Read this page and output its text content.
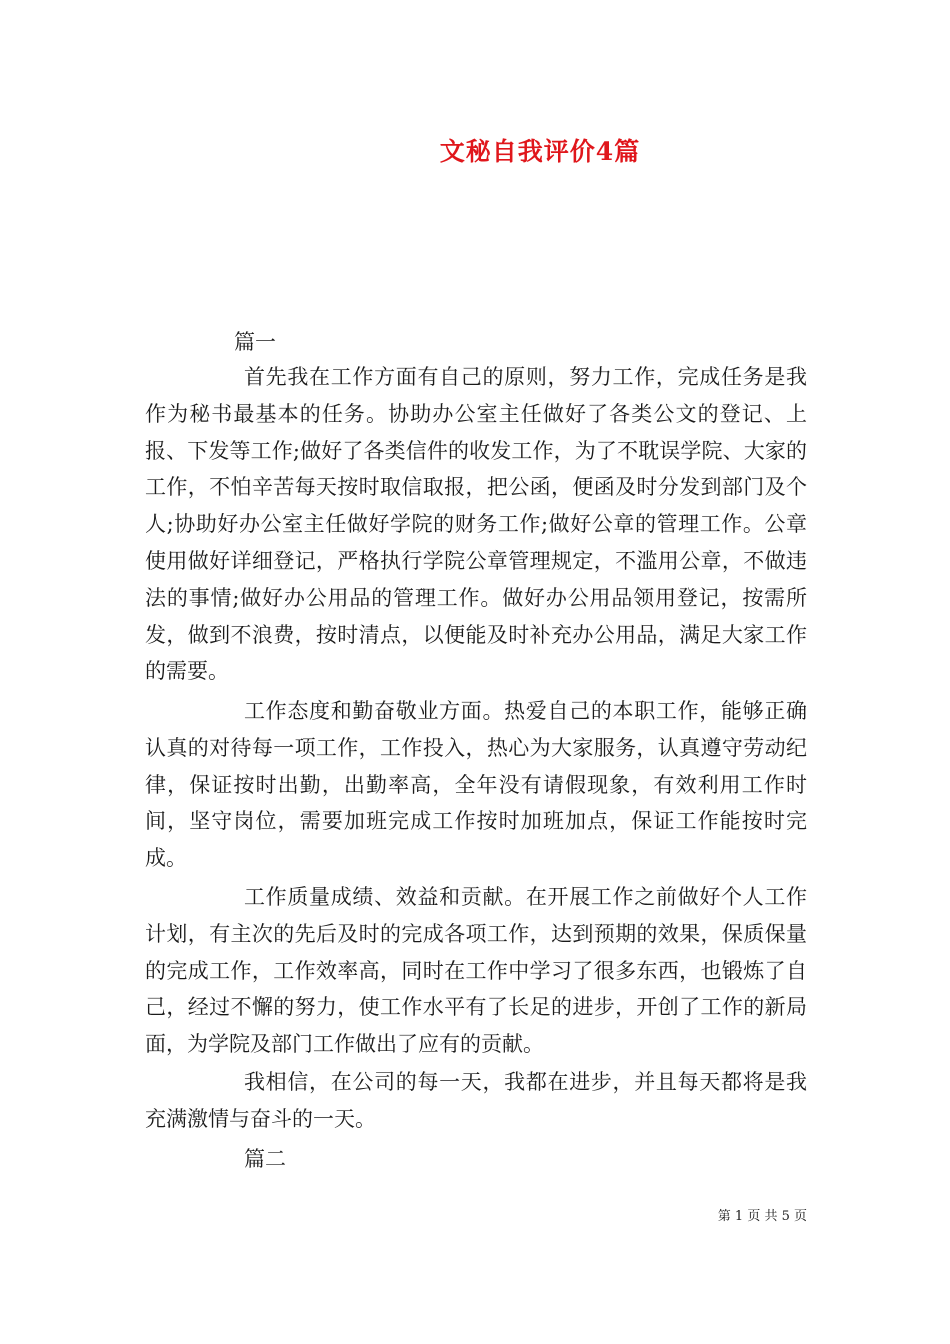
文秘自我评价4篇
篇一

首先我在工作方面有自己的原则，努力工作，完成任务是我作为秘书最基本的任务。协助办公室主任做好了各类公文的登记、上报、下发等工作;做好了各类信件的收发工作，为了不耽误学院、大家的工作，不怕辛苦每天按时取信取报，把公函，便函及时分发到部门及个人;协助好办公室主任做好学院的财务工作;做好公章的管理工作。公章使用做好详细登记，严格执行学院公章管理规定，不滥用公章，不做违法的事情;做好办公用品的管理工作。做好办公用品领用登记，按需所发，做到不浪费，按时清点，以便能及时补充办公用品，满足大家工作的需要。

工作态度和勤奋敬业方面。热爱自己的本职工作，能够正确认真的对待每一项工作，工作投入，热心为大家服务，认真遵守劳动纪律，保证按时出勤，出勤率高，全年没有请假现象，有效利用工作时间，坚守岗位，需要加班完成工作按时加班加点，保证工作能按时完成。

工作质量成绩、效益和贡献。在开展工作之前做好个人工作计划，有主次的先后及时的完成各项工作，达到预期的效果，保质保量的完成工作，工作效率高，同时在工作中学习了很多东西，也锻炼了自己，经过不懈的努力，使工作水平有了长足的进步，开创了工作的新局面，为学院及部门工作做出了应有的贡献。

我相信，在公司的每一天，我都在进步，并且每天都将是我充满激情与奋斗的一天。

篇二
第 1 页 共 5 页
